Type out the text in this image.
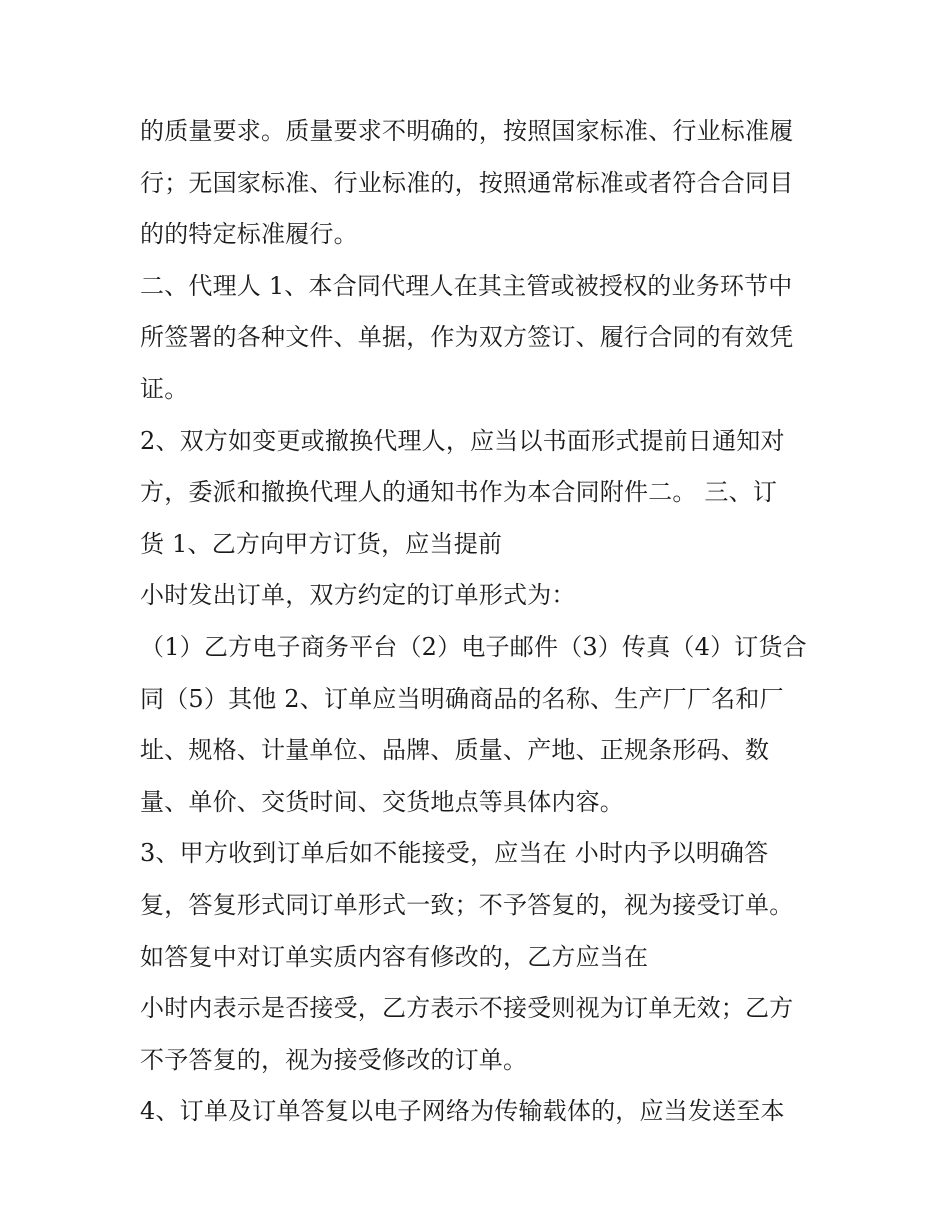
的质量要求。质量要求不明确的，按照国家标准、行业标准履
行；无国家标准、行业标准的，按照通常标准或者符合合同目
的的特定标准履行。
二、代理人 1、本合同代理人在其主管或被授权的业务环节中
所签署的各种文件、单据，作为双方签订、履行合同的有效凭
证。
2、双方如变更或撤换代理人，应当以书面形式提前日通知对
方，委派和撤换代理人的通知书作为本合同附件二。 三、订
货 1、乙方向甲方订货，应当提前
小时发出订单，双方约定的订单形式为：
（1）乙方电子商务平台（2）电子邮件（3）传真（4）订货合
同（5）其他 2、订单应当明确商品的名称、生产厂厂名和厂
址、规格、计量单位、品牌、质量、产地、正规条形码、数
量、单价、交货时间、交货地点等具体内容。
3、甲方收到订单后如不能接受，应当在 小时内予以明确答
复，答复形式同订单形式一致；不予答复的，视为接受订单。
如答复中对订单实质内容有修改的，乙方应当在
小时内表示是否接受，乙方表示不接受则视为订单无效；乙方
不予答复的，视为接受修改的订单。
4、订单及订单答复以电子网络为传输载体的，应当发送至本
